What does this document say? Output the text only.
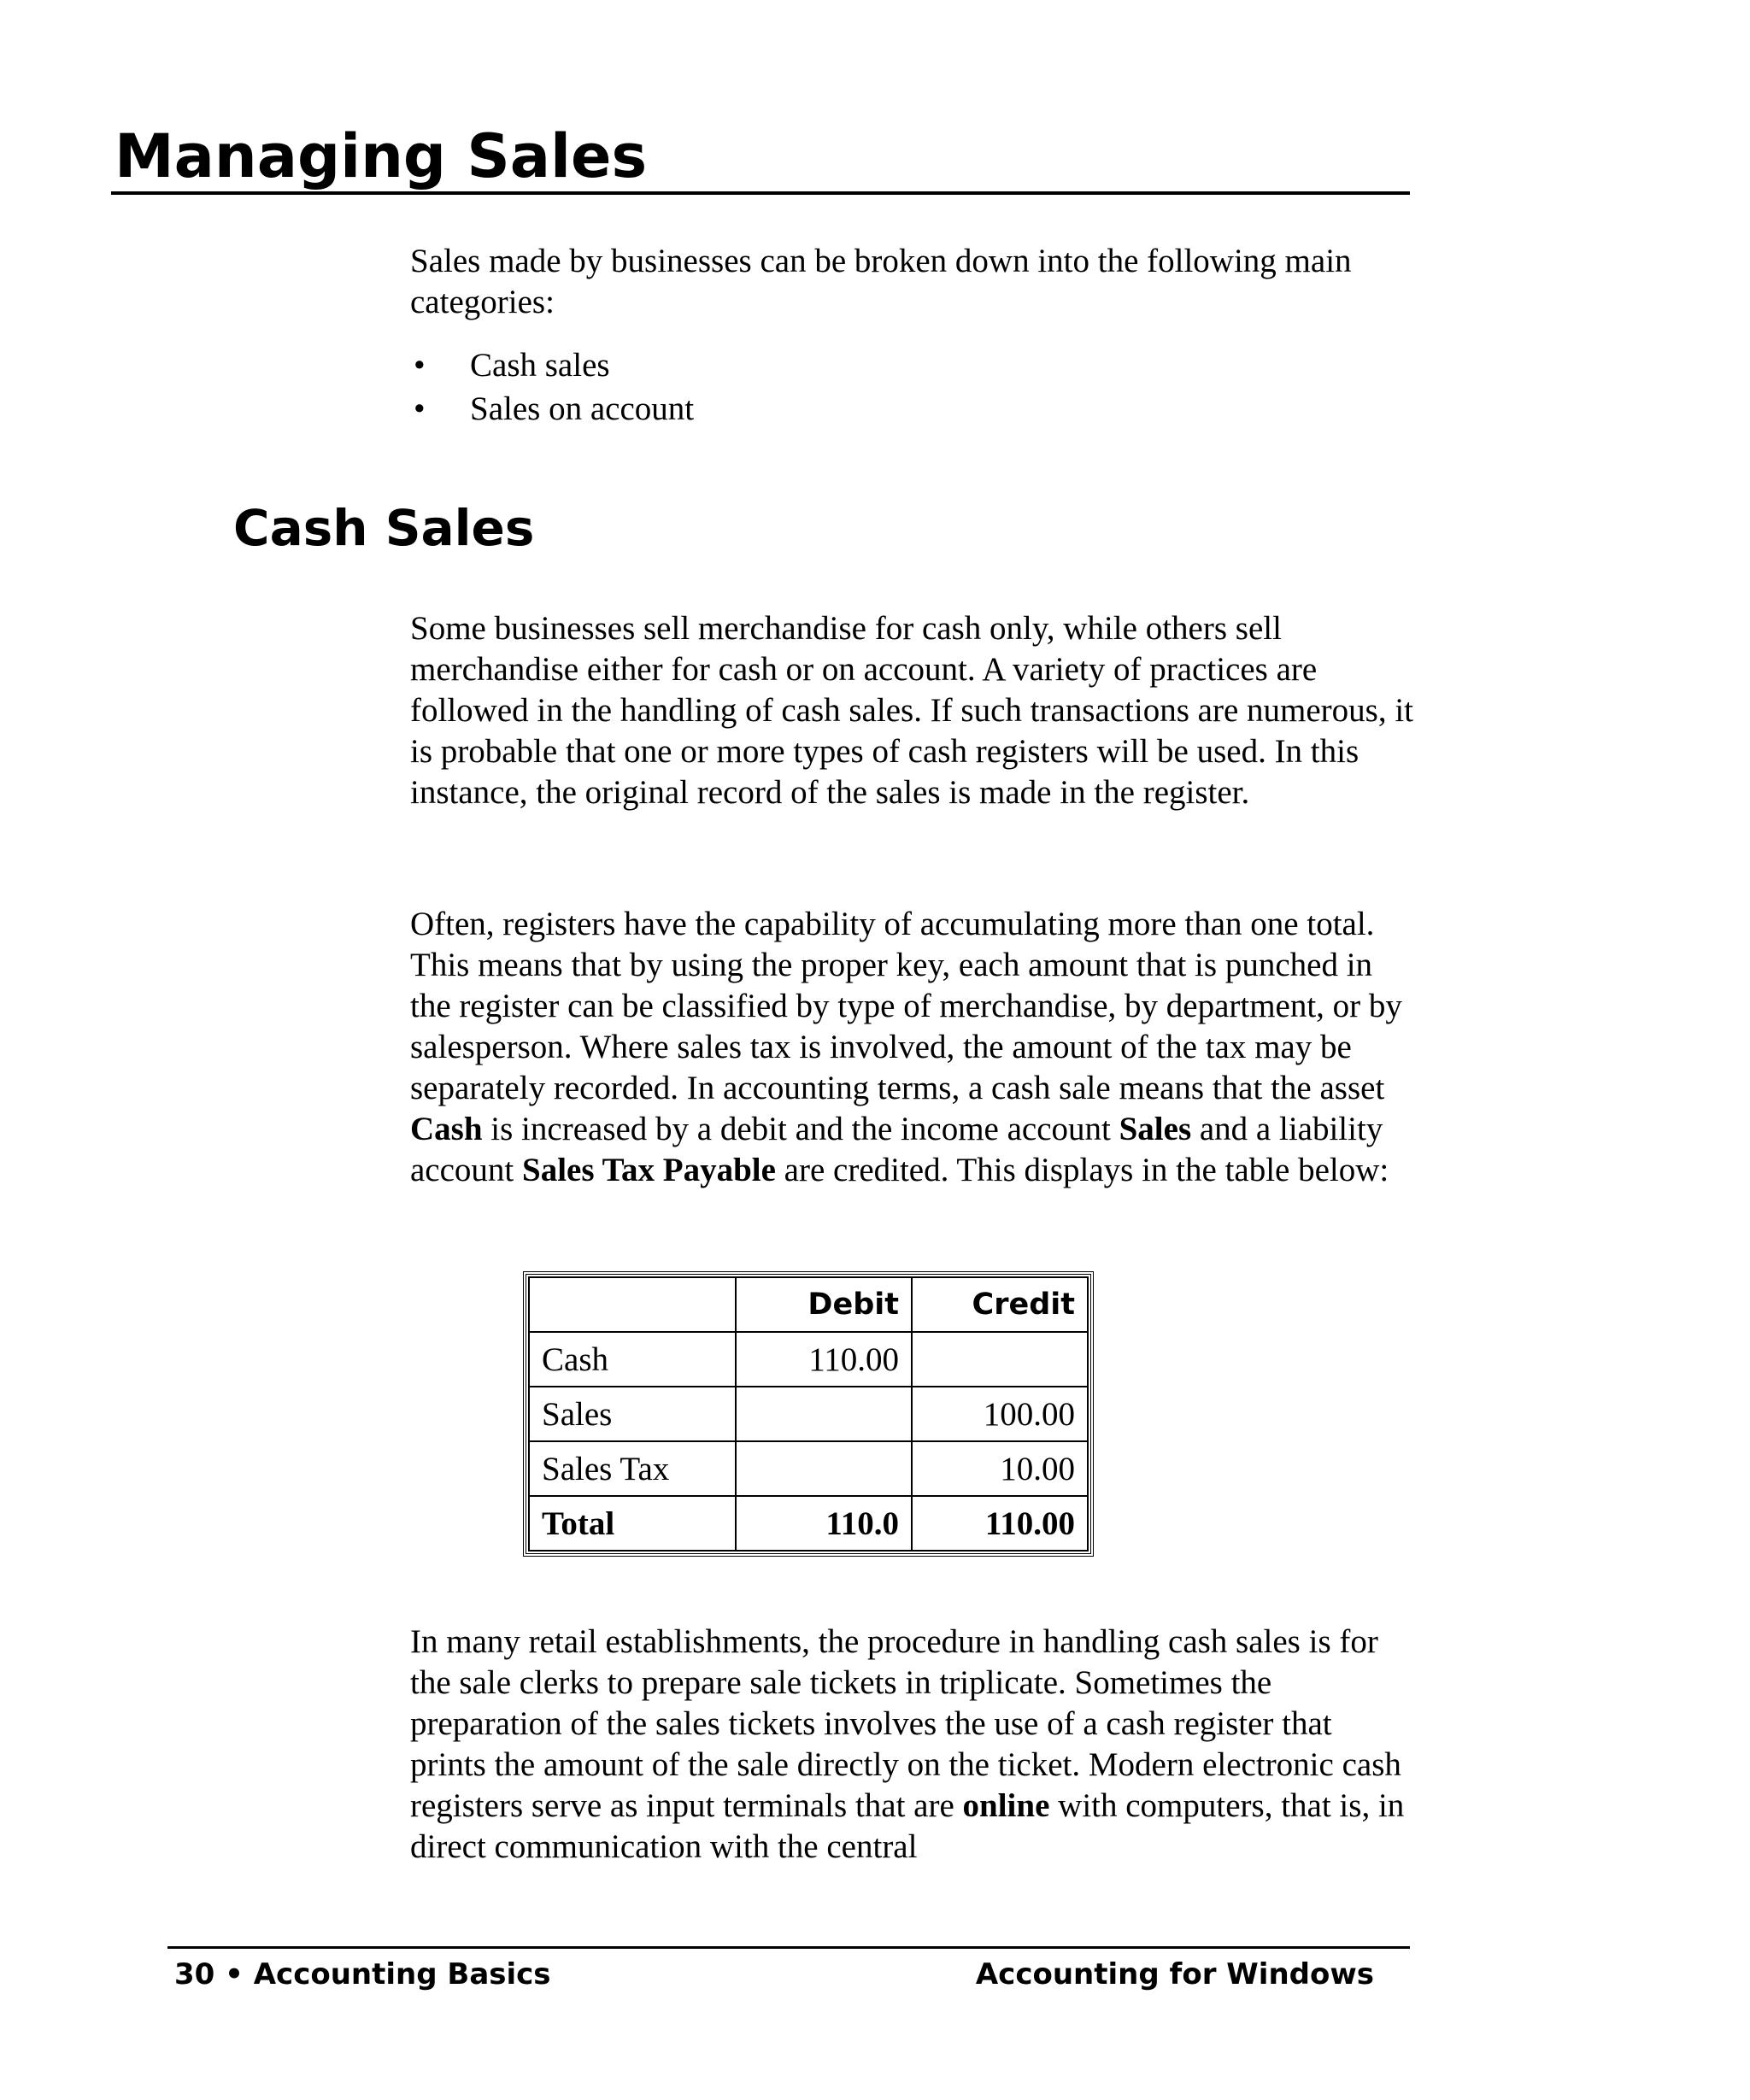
Managing Sales

Sales made by businesses can be broken down into the following main categories:

• Cash sales
• Sales on account
Cash Sales

Some businesses sell merchandise for cash only, while others sell merchandise either for cash or on account. A variety of practices are followed in the handling of cash sales. If such transactions are numerous, it is probable that one or more types of cash registers will be used. In this instance, the original record of the sales is made in the register.

Often, registers have the capability of accumulating more than one total. This means that by using the proper key, each amount that is punched in the register can be classified by type of merchandise, by department, or by salesperson. Where sales tax is involved, the amount of the tax may be separately recorded. In accounting terms, a cash sale means that the asset Cash is increased by a debit and the income account Sales and a liability account Sales Tax Payable are credited. This displays in the table below:

	Debit	Credit
Cash	110.00	
Sales		100.00
Sales Tax		10.00
Total	110.0	110.00

In many retail establishments, the procedure in handling cash sales is for the sale clerks to prepare sale tickets in triplicate. Sometimes the preparation of the sales tickets involves the use of a cash register that prints the amount of the sale directly on the ticket. Modern electronic cash registers serve as input terminals that are online with computers, that is, in direct communication with the central

30 • Accounting Basics	Accounting for Windows
